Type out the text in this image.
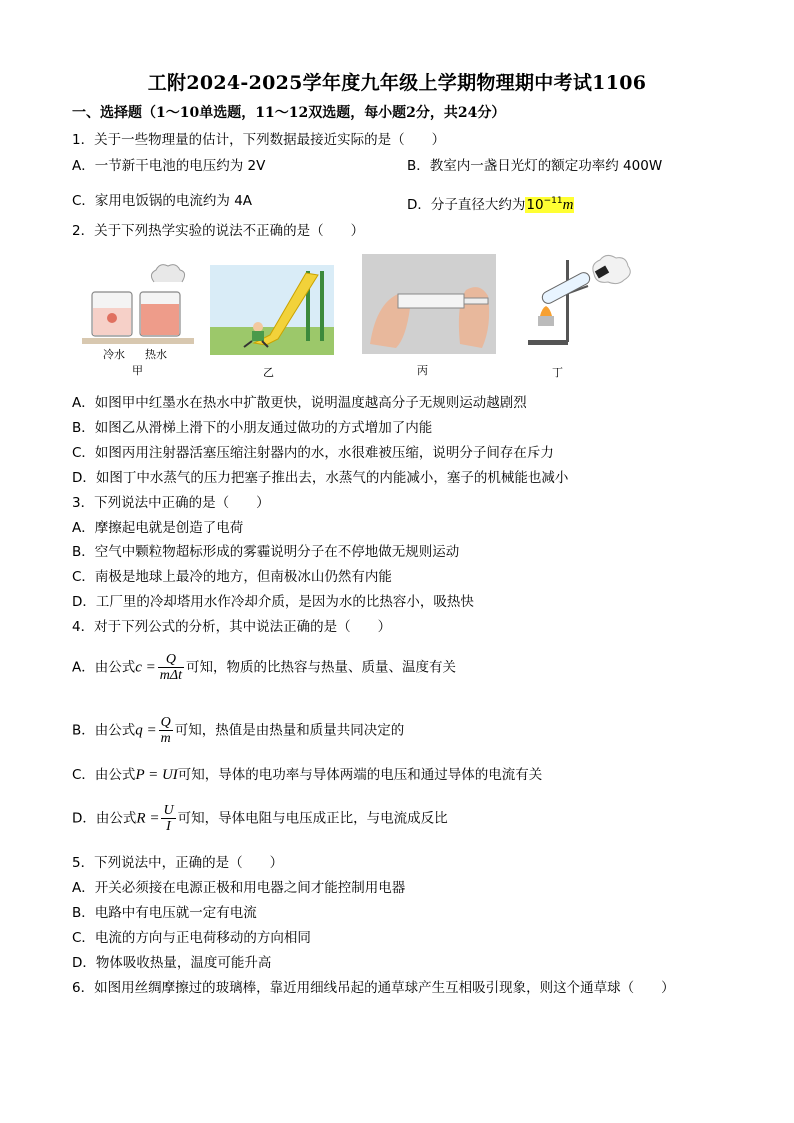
工附2024-2025学年度九年级上学期物理期中考试1106
一、选择题（1～10单选题，11～12双选题，每小题2分，共24分）
1．关于一些物理量的估计，下列数据最接近实际的是（　　）
A．一节新干电池的电压约为 2V	B．教室内一盏日光灯的额定功率约 400W
C．家用电饭锅的电流约为 4A	D．分子直径大约为$10^{-11}m$
2．关于下列热学实验的说法不正确的是（　　）
冷水 热水
甲	乙	丙	丁
A．如图甲中红墨水在热水中扩散更快，说明温度越高分子无规则运动越剧烈
B．如图乙从滑梯上滑下的小朋友通过做功的方式增加了内能
C．如图丙用注射器活塞压缩注射器内的水，水很难被压缩，说明分子间存在斥力
D．如图丁中水蒸气的压力把塞子推出去，水蒸气的内能减小，塞子的机械能也减小
3．下列说法中正确的是（　　）
A．摩擦起电就是创造了电荷
B．空气中颗粒物超标形成的雾霾说明分子在不停地做无规则运动
C．南极是地球上最冷的地方，但南极冰山仍然有内能
D．工厂里的冷却塔用水作冷却介质，是因为水的比热容小，吸热快
4．对于下列公式的分析，其中说法正确的是（　　）
A．由公式$c = \frac{Q}{\text{mΔt}}$ 可知，物质的比热容与热量、质量、温度有关
B．由公式$q = \frac{Q}{m}$ 可知，热值是由热量和质量共同决定的
C．由公式P = UI可知，导体的电功率与导体两端的电压和通过导体的电流有关
D．由公式$R = \frac{U}{I}$ 可知，导体电阻与电压成正比，与电流成反比
5．下列说法中，正确的是（　　）
A．开关必须接在电源正极和用电器之间才能控制用电器
B．电路中有电压就一定有电流
C．电流的方向与正电荷移动的方向相同
D．物体吸收热量，温度可能升高
6．如图用丝绸摩擦过的玻璃棒，靠近用细线吊起的通草球产生互相吸引现象，则这个通草球（　　）
